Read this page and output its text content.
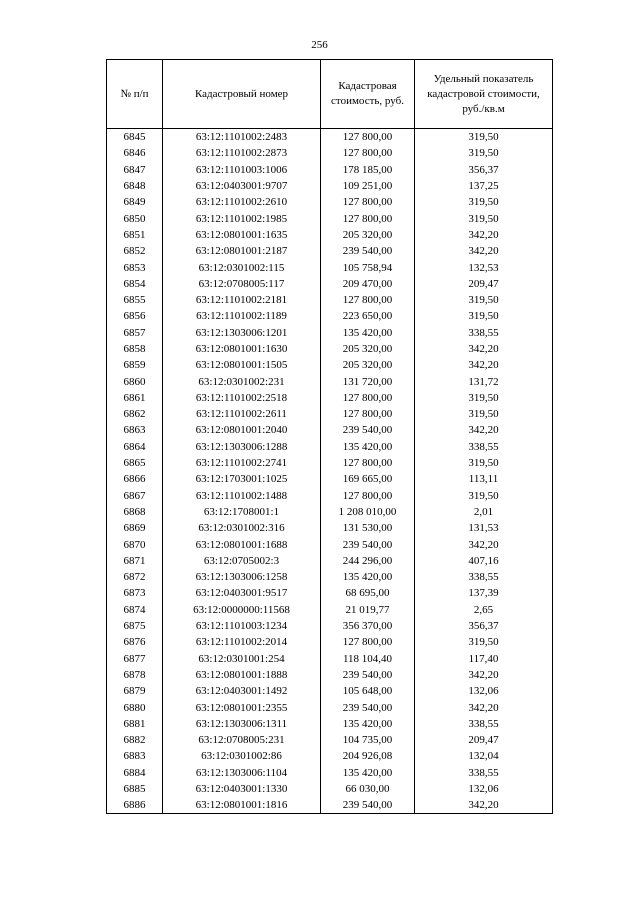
256
№ п/п	Кадастровый номер	Кадастровая стоимость, руб.	Удельный показатель кадастровой стоимости, руб./кв.м
6845	63:12:1101002:2483	127 800,00	319,50
6846	63:12:1101002:2873	127 800,00	319,50
6847	63:12:1101003:1006	178 185,00	356,37
6848	63:12:0403001:9707	109 251,00	137,25
6849	63:12:1101002:2610	127 800,00	319,50
6850	63:12:1101002:1985	127 800,00	319,50
6851	63:12:0801001:1635	205 320,00	342,20
6852	63:12:0801001:2187	239 540,00	342,20
6853	63:12:0301002:115	105 758,94	132,53
6854	63:12:0708005:117	209 470,00	209,47
6855	63:12:1101002:2181	127 800,00	319,50
6856	63:12:1101002:1189	223 650,00	319,50
6857	63:12:1303006:1201	135 420,00	338,55
6858	63:12:0801001:1630	205 320,00	342,20
6859	63:12:0801001:1505	205 320,00	342,20
6860	63:12:0301002:231	131 720,00	131,72
6861	63:12:1101002:2518	127 800,00	319,50
6862	63:12:1101002:2611	127 800,00	319,50
6863	63:12:0801001:2040	239 540,00	342,20
6864	63:12:1303006:1288	135 420,00	338,55
6865	63:12:1101002:2741	127 800,00	319,50
6866	63:12:1703001:1025	169 665,00	113,11
6867	63:12:1101002:1488	127 800,00	319,50
6868	63:12:1708001:1	1 208 010,00	2,01
6869	63:12:0301002:316	131 530,00	131,53
6870	63:12:0801001:1688	239 540,00	342,20
6871	63:12:0705002:3	244 296,00	407,16
6872	63:12:1303006:1258	135 420,00	338,55
6873	63:12:0403001:9517	68 695,00	137,39
6874	63:12:0000000:11568	21 019,77	2,65
6875	63:12:1101003:1234	356 370,00	356,37
6876	63:12:1101002:2014	127 800,00	319,50
6877	63:12:0301001:254	118 104,40	117,40
6878	63:12:0801001:1888	239 540,00	342,20
6879	63:12:0403001:1492	105 648,00	132,06
6880	63:12:0801001:2355	239 540,00	342,20
6881	63:12:1303006:1311	135 420,00	338,55
6882	63:12:0708005:231	104 735,00	209,47
6883	63:12:0301002:86	204 926,08	132,04
6884	63:12:1303006:1104	135 420,00	338,55
6885	63:12:0403001:1330	66 030,00	132,06
6886	63:12:0801001:1816	239 540,00	342,20
